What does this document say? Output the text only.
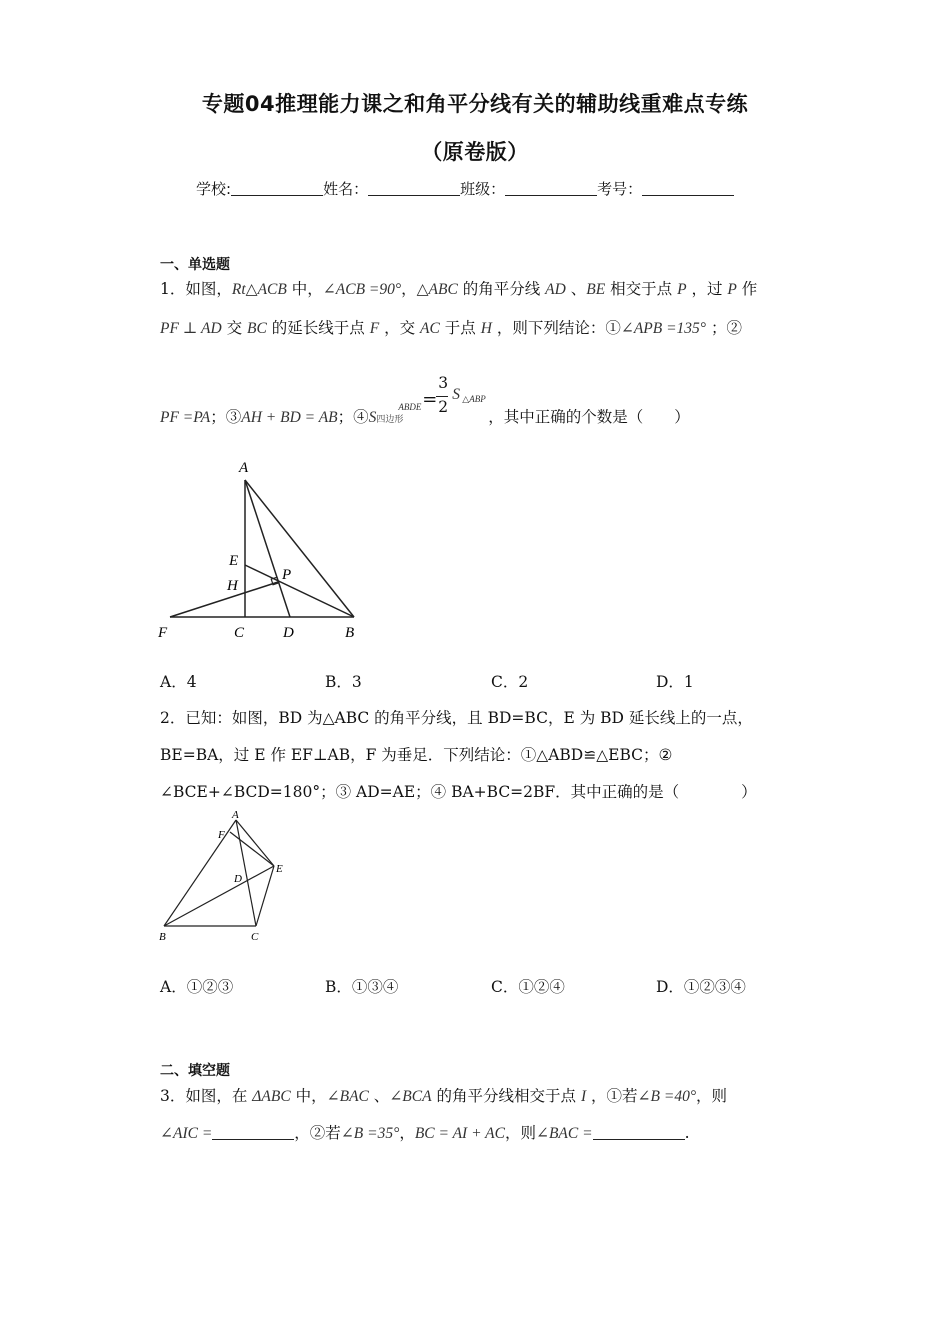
专题04推理能力课之和角平分线有关的辅助线重难点专练
（原卷版）
学校:	姓名：	班级：	考号：
一、单选题
1．如图，Rt△ACB 中，∠ACB =90°，△ABC 的角平分线 AD 、BE 相交于点 P ，过 P 作
PF ⊥ AD 交 BC 的延长线于点 F ，交 AC 于点 H ，则下列结论：①∠APB =135° ；②
PF =PA；③AH + BD = AB；④S四边形 $^{ABDE}$ =
3
2
S △ABP
，其中正确的个数是（　　）
A
E
H
P
F	C	D	B
A．4	B．3	C．2	D．1
2．已知：如图，BD 为△ABC 的角平分线，且 BD=BC，E 为 BD 延长线上的一点，
BE=BA，过 E 作 EF⊥AB，F 为垂足．下列结论：①△ABD≌△EBC；②
∠BCE+∠BCD=180°；③ AD=AE；④ BA+BC=2BF．其中正确的是（　　　　）
A
F
E
D
B	C
A．①②③	B．①③④	C．①②④	D．①②③④
二、填空题
3．如图，在 ΔABC 中，∠BAC 、∠BCA 的角平分线相交于点 I ，①若∠B =40°，则
∠AIC =	，②若∠B =35°，BC = AI + AC，则∠BAC =	.
